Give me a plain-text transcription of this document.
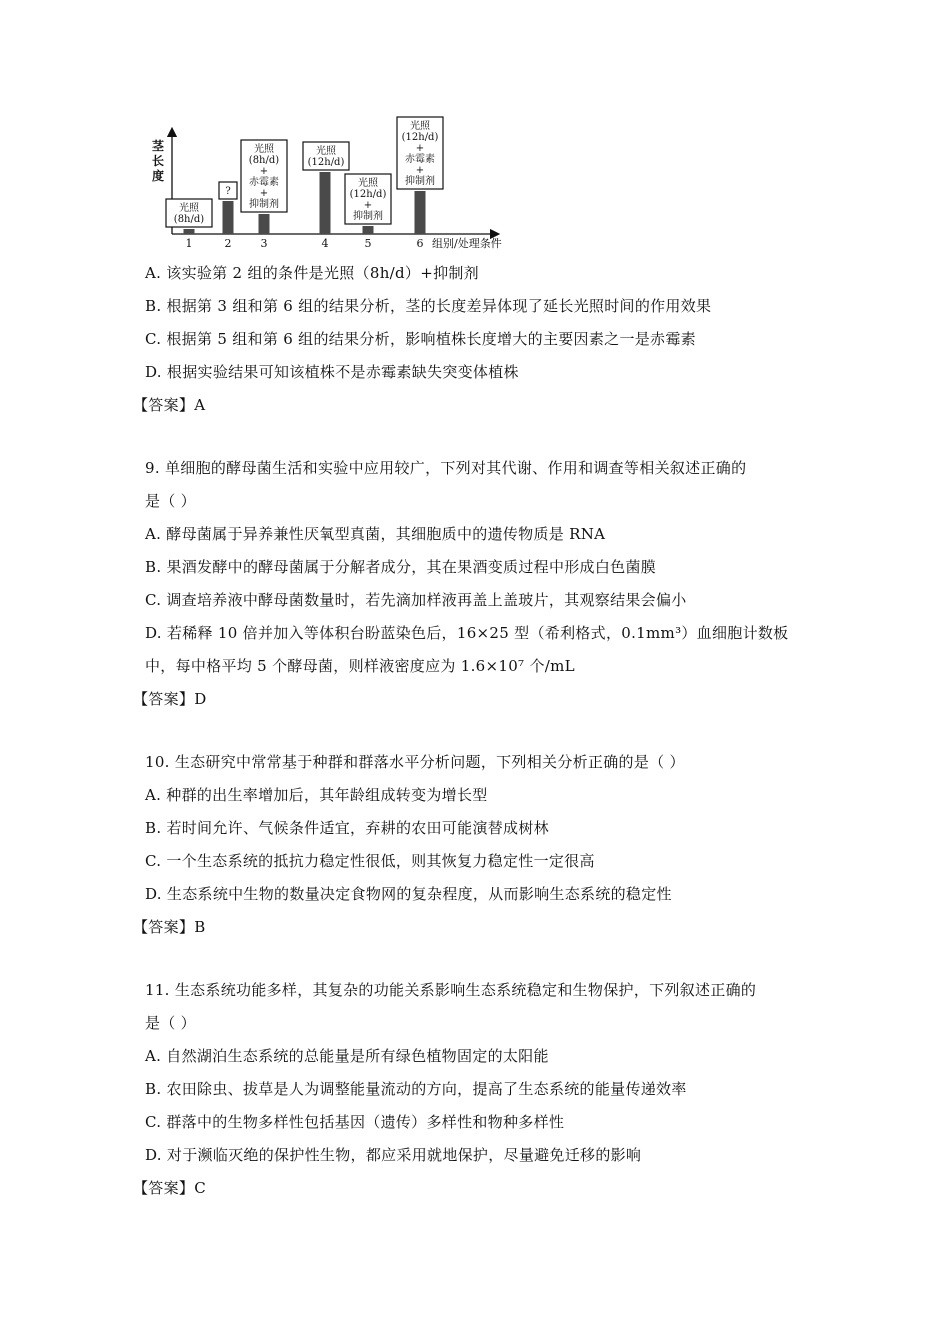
茎
长
度
组别/处理条件
1
光照
(8h/d)
2
?
3
光照
(8h/d)
+
赤霉素
+
抑制剂
4
光照
(12h/d)
5
光照
(12h/d)
+
抑制剂
6
光照
(12h/d)
+
赤霉素
+
抑制剂
A. 该实验第 2 组的条件是光照（8h/d）+抑制剂
B. 根据第 3 组和第 6 组的结果分析，茎的长度差异体现了延长光照时间的作用效果
C. 根据第 5 组和第 6 组的结果分析，影响植株长度增大的主要因素之一是赤霉素
D. 根据实验结果可知该植株不是赤霉素缺失突变体植株
【答案】A
9. 单细胞的酵母菌生活和实验中应用较广，下列对其代谢、作用和调查等相关叙述正确的
是（ ）
A. 酵母菌属于异养兼性厌氧型真菌，其细胞质中的遗传物质是 RNA
B. 果酒发酵中的酵母菌属于分解者成分，其在果酒变质过程中形成白色菌膜
C. 调查培养液中酵母菌数量时，若先滴加样液再盖上盖玻片，其观察结果会偏小
D. 若稀释 10 倍并加入等体积台盼蓝染色后，16×25 型（希利格式，0.1mm³）血细胞计数板
中，每中格平均 5 个酵母菌，则样液密度应为 1.6×10⁷ 个/mL
【答案】D
10. 生态研究中常常基于种群和群落水平分析问题，下列相关分析正确的是（ ）
A. 种群的出生率增加后，其年龄组成转变为增长型
B. 若时间允许、气候条件适宜，弃耕的农田可能演替成树林
C. 一个生态系统的抵抗力稳定性很低，则其恢复力稳定性一定很高
D. 生态系统中生物的数量决定食物网的复杂程度，从而影响生态系统的稳定性
【答案】B
11. 生态系统功能多样，其复杂的功能关系影响生态系统稳定和生物保护，下列叙述正确的
是（ ）
A. 自然湖泊生态系统的总能量是所有绿色植物固定的太阳能
B. 农田除虫、拔草是人为调整能量流动的方向，提高了生态系统的能量传递效率
C. 群落中的生物多样性包括基因（遗传）多样性和物种多样性
D. 对于濒临灭绝的保护性生物，都应采用就地保护，尽量避免迁移的影响
【答案】C
